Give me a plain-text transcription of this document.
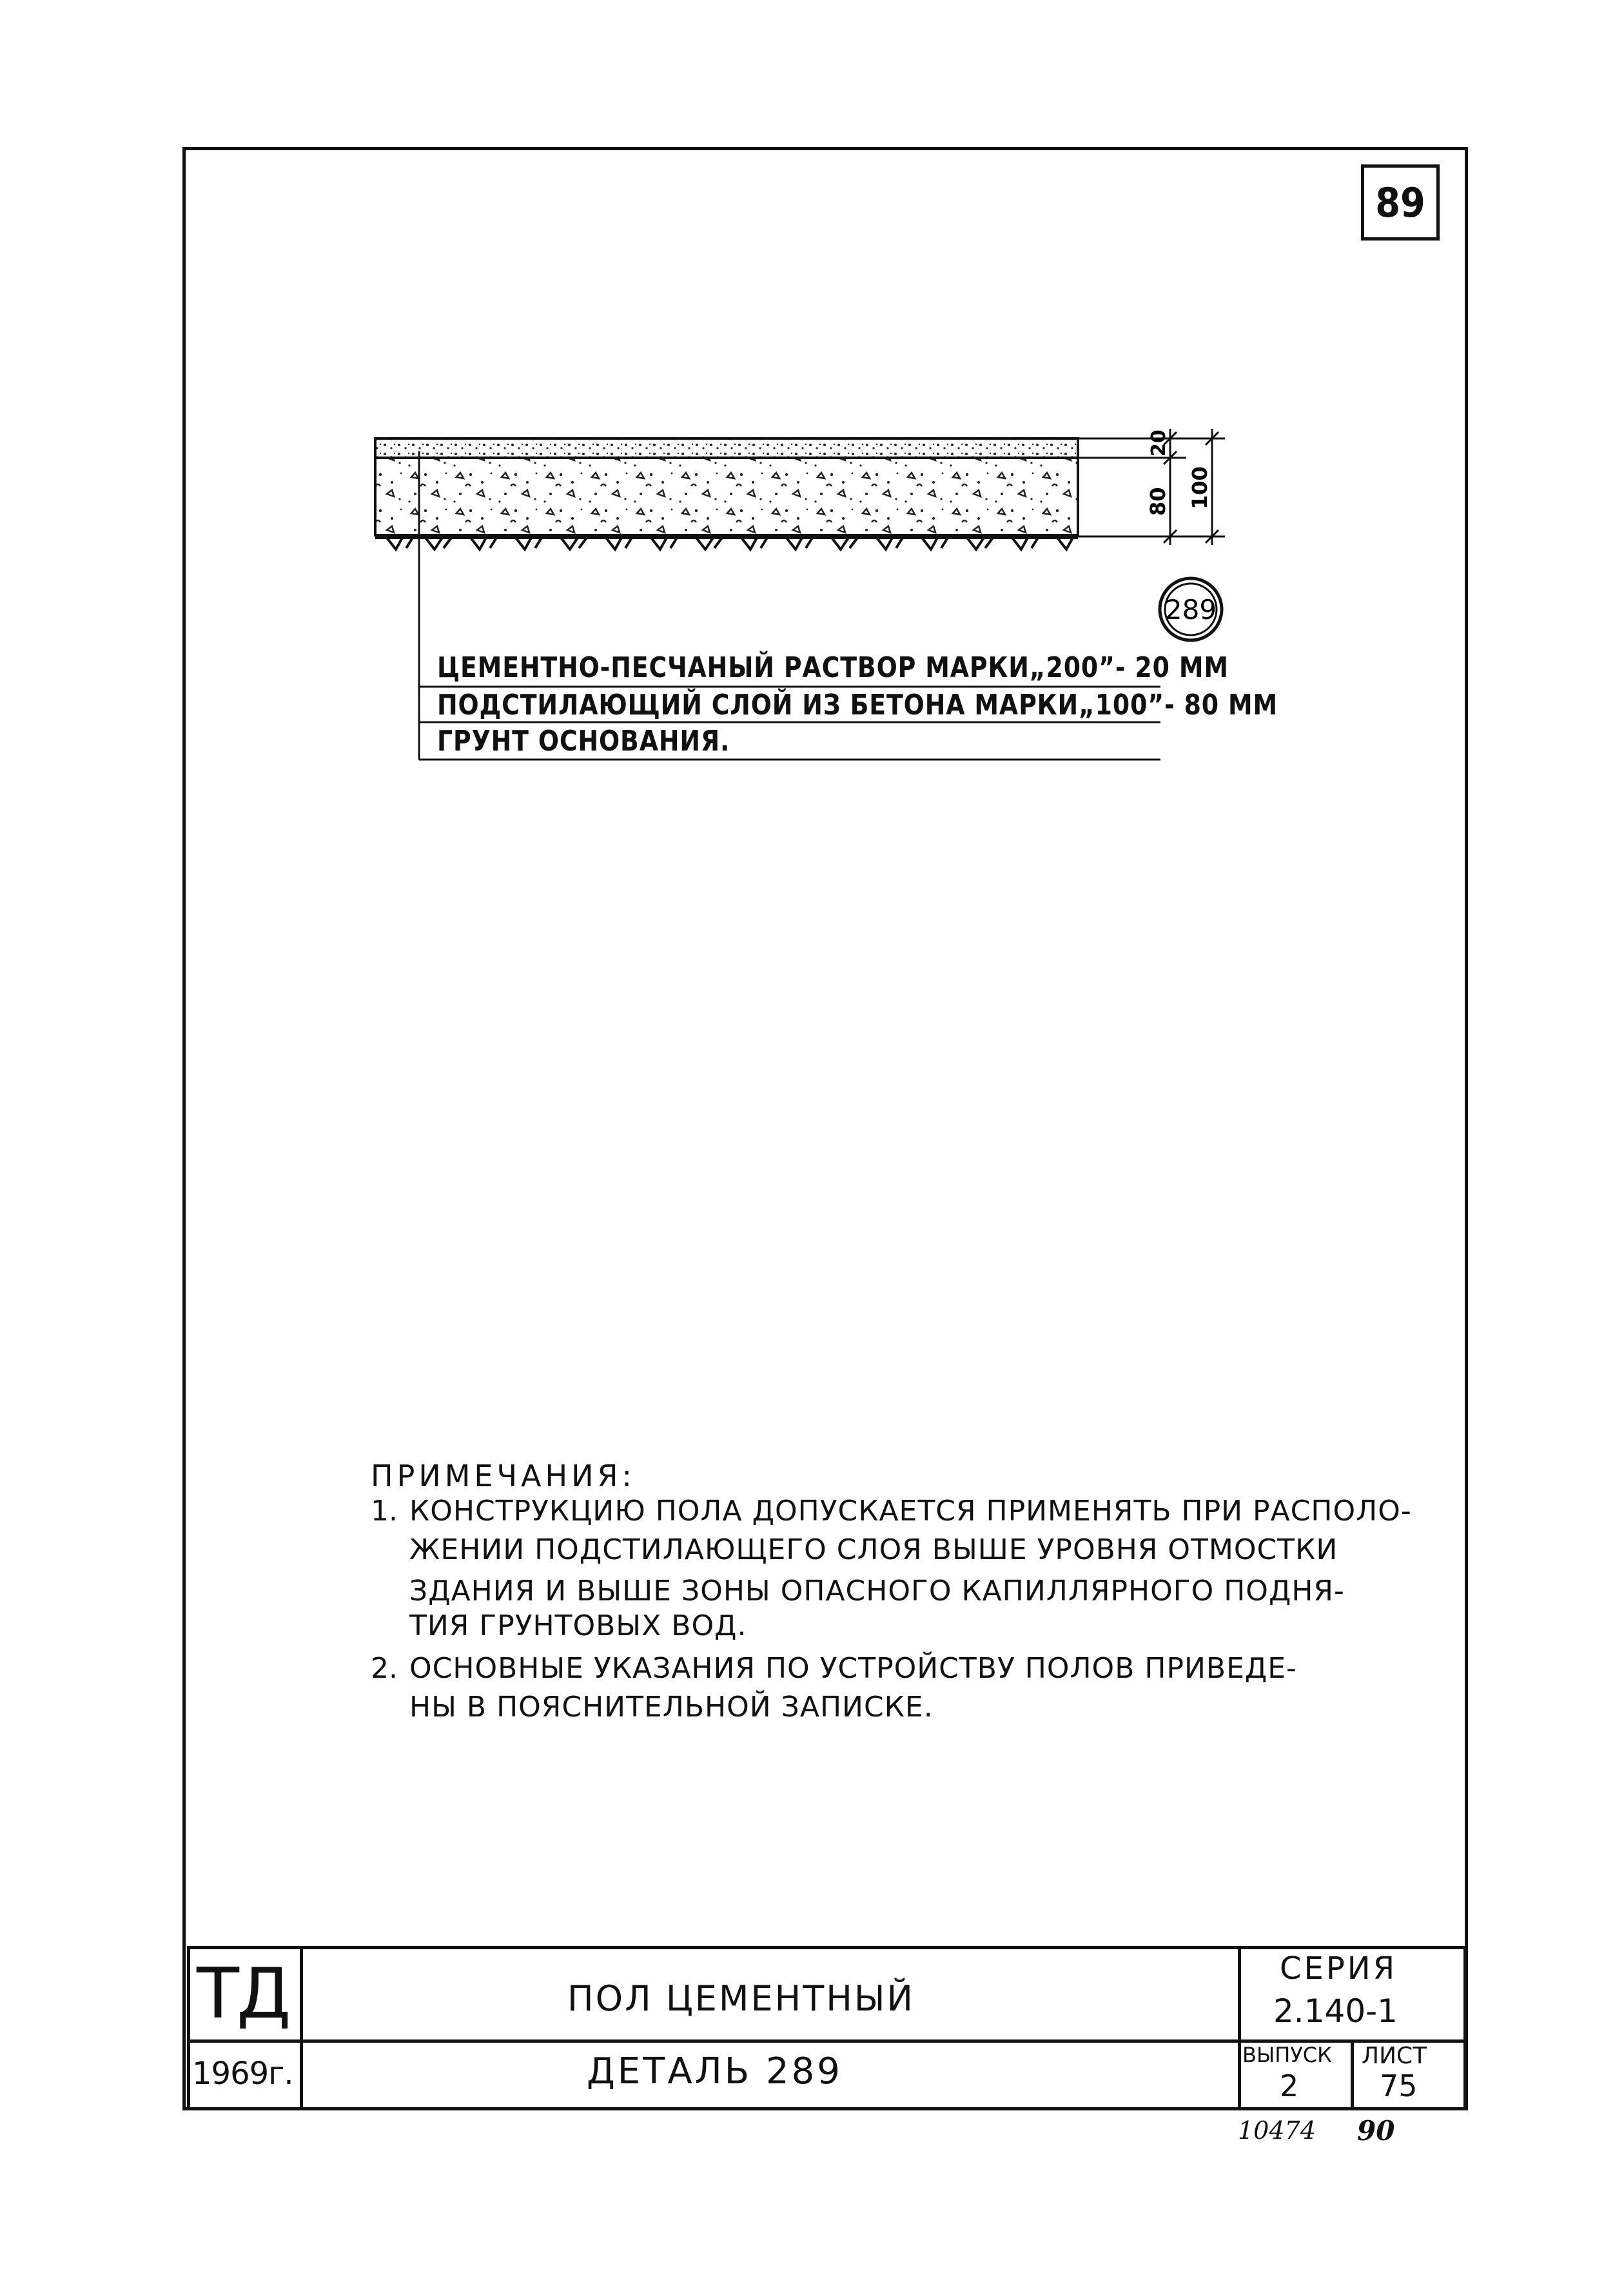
89
20
80 100
289
ЦЕМЕНТНО-ПЕСЧАНЫЙ РАСТВОР МАРКИ„200”- 20 ММ
ПОДСТИЛАЮЩИЙ СЛОЙ ИЗ БЕТОНА МАРКИ„100”- 80 ММ
ГРУНТ ОСНОВАНИЯ.
ПРИМЕЧАНИЯ:
1. КОНСТРУКЦИЮ ПОЛА ДОПУСКАЕТСЯ ПРИМЕНЯТЬ ПРИ РАСПОЛО-
ЖЕНИИ ПОДСТИЛАЮЩЕГО СЛОЯ ВЫШЕ УРОВНЯ ОТМОСТКИ
ЗДАНИЯ И ВЫШЕ ЗОНЫ ОПАСНОГО КАПИЛЛЯРНОГО ПОДНЯ-
ТИЯ ГРУНТОВЫХ ВОД.
2. ОСНОВНЫЕ УКАЗАНИЯ ПО УСТРОЙСТВУ ПОЛОВ ПРИВЕДЕ-
НЫ В ПОЯСНИТЕЛЬНОЙ ЗАПИСКЕ.
ТД
1969г.
ПОЛ ЦЕМЕНТНЫЙ
ДЕТАЛЬ 289
СЕРИЯ
2.140-1
ВЫПУСК
2
ЛИСТ
75
10474 90
